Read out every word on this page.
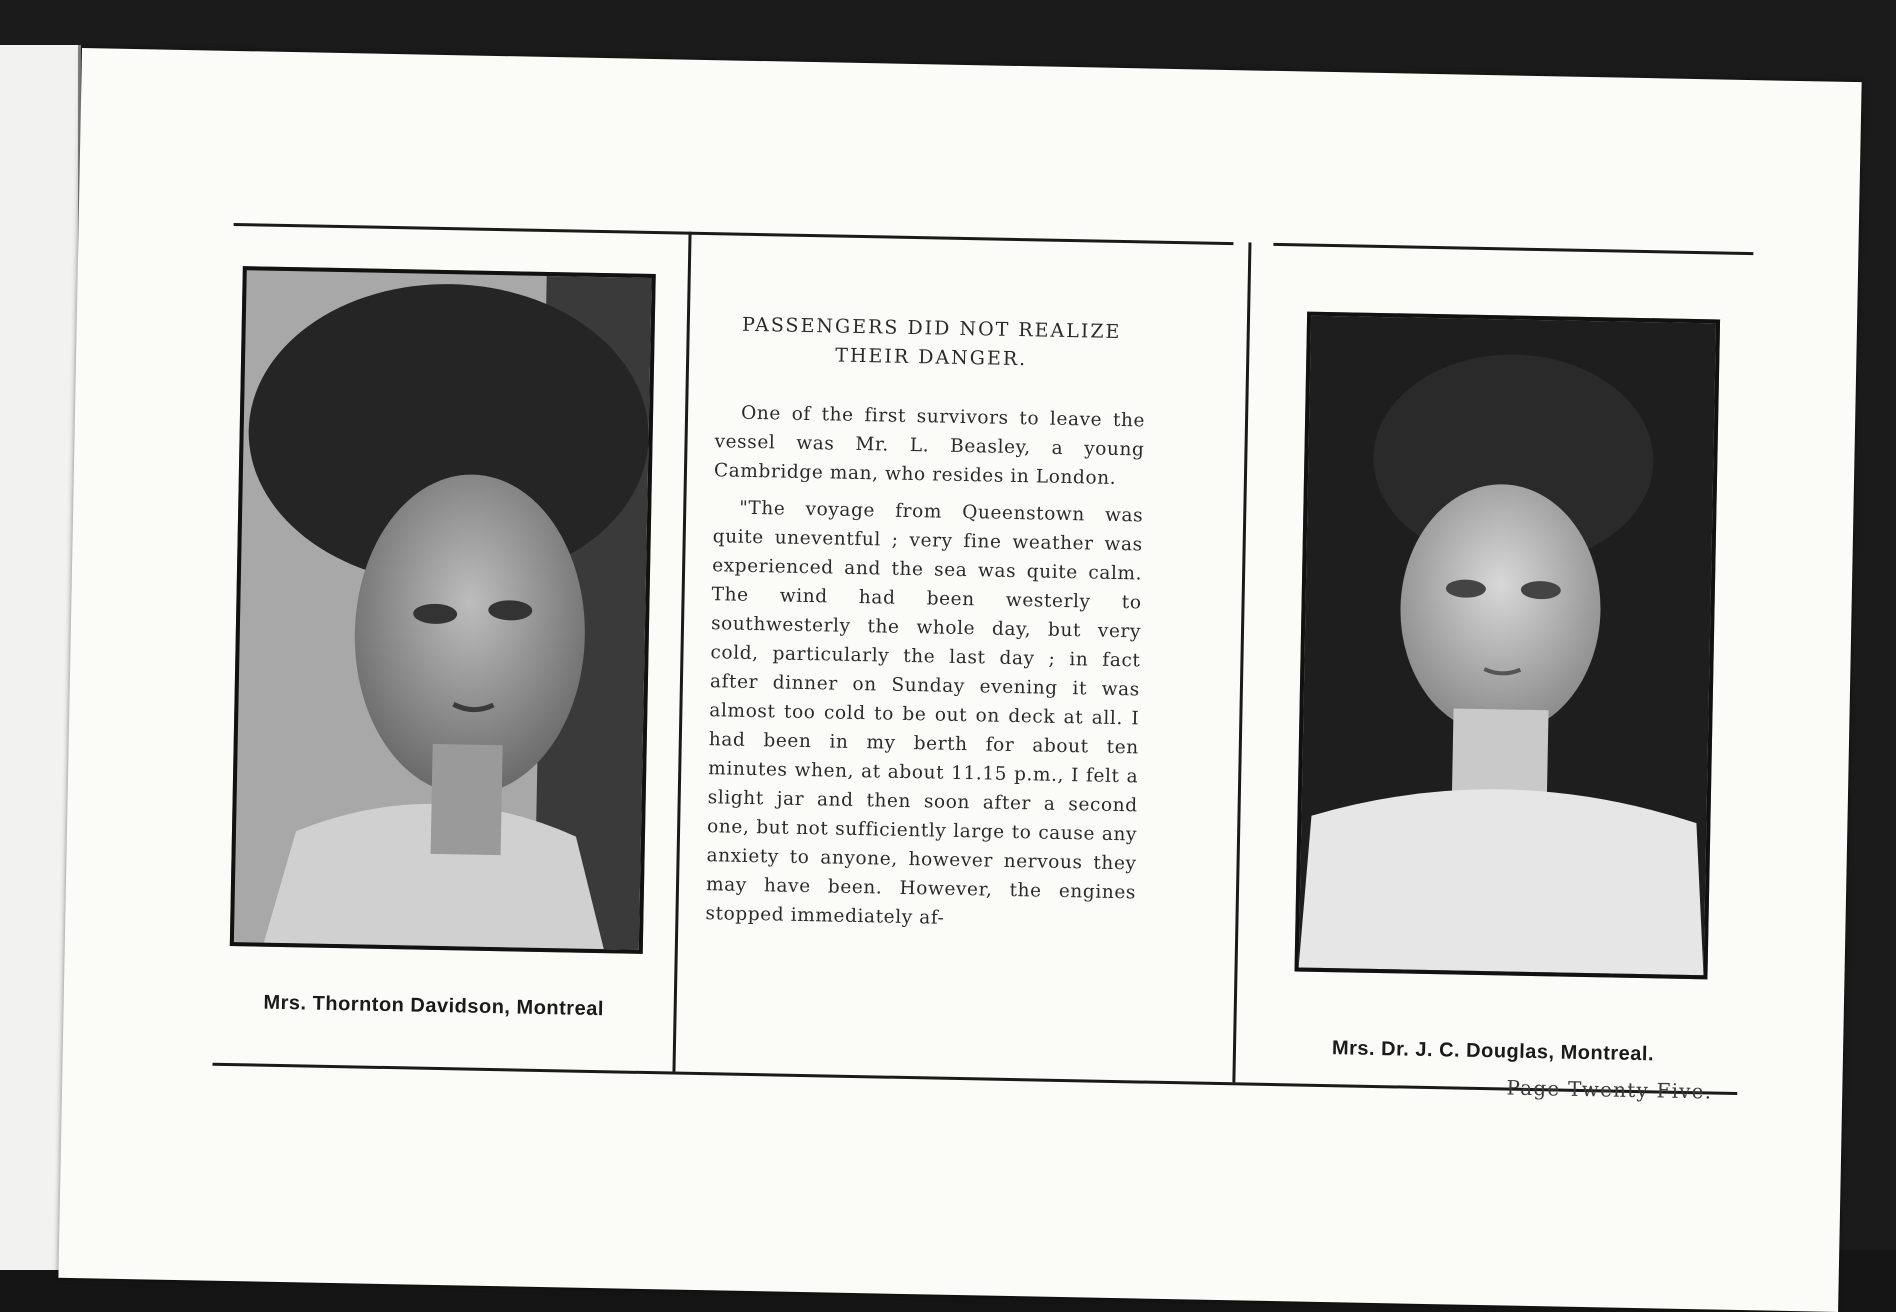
Mrs. Thornton Davidson, Montreal
PASSENGERS DID NOT REALIZE
THEIR DANGER.

One of the first survivors to leave the vessel was Mr. L. Beasley, a young Cambridge man, who resides in London.

"The voyage from Queenstown was quite uneventful ; very fine weather was experienced and the sea was quite calm. The wind had been westerly to southwesterly the whole day, but very cold, particularly the last day ; in fact after dinner on Sunday evening it was almost too cold to be out on deck at all. I had been in my berth for about ten minutes when, at about 11.15 p.m., I felt a slight jar and then soon after a second one, but not sufficiently large to cause any anxiety to anyone, however nervous they may have been. However, the engines stopped immediately af-

Mrs. Dr. J. C. Douglas, Montreal.
Page Twenty Five.
